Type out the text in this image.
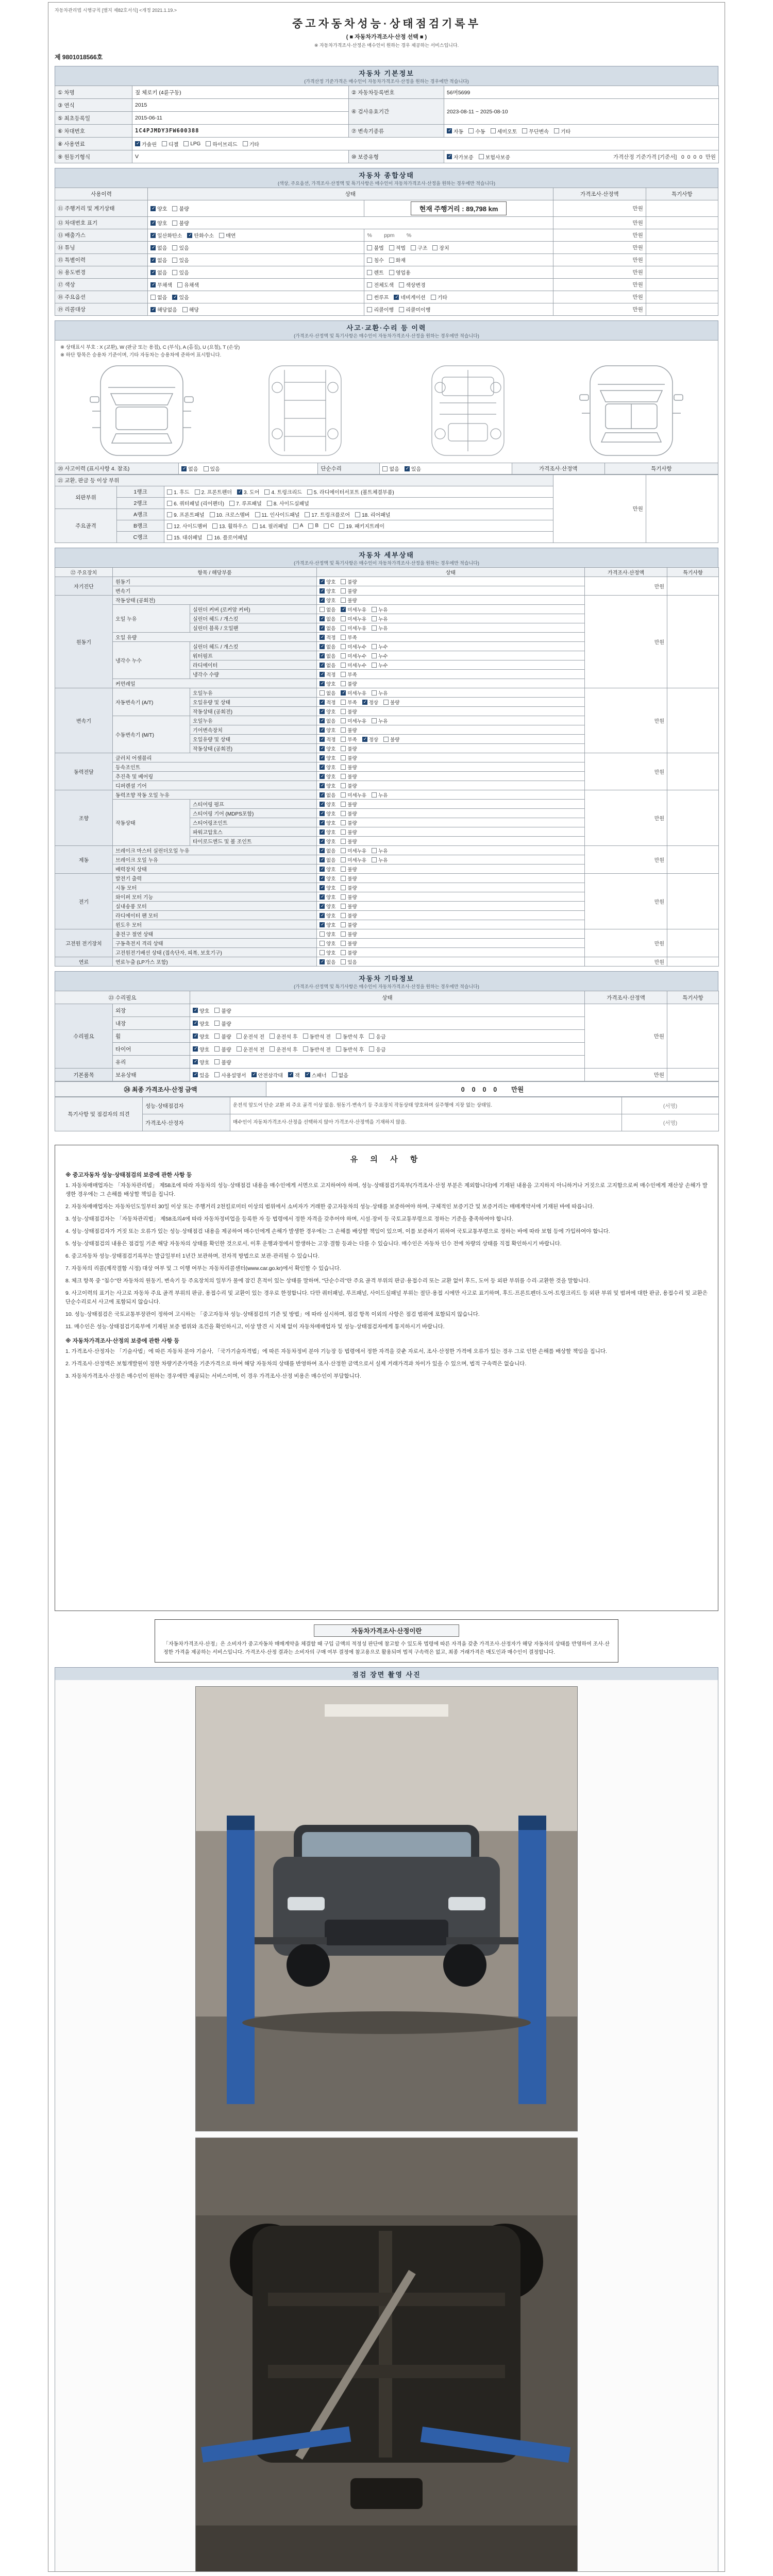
자동차관리법 시행규칙 [별지 제82호서식] <개정 2021.1.19.>
중고자동차성능·상태점검기록부
( ■ 자동차가격조사·산정 선택 ■ )
※ 자동차가격조사·산정은 매수인이 원하는 경우 제공하는 서비스입니다.
제 9801018566호
자동차 기본정보
(가격산정 기준가격은 매수인이 자동차가격조사·산정을 원하는 경우에만 적습니다)
① 차명	짚 체로키 (4륜구동)	② 자동차등록번호	56머5699
③ 연식	2015	④ 검사유효기간	2023-08-11 ~ 2025-08-10
⑤ 최초등록일	2015-06-11		
⑥ 차대번호	1C4PJMDY3FW600388	⑦ 변속기종류	
✓자동 수동 세미오토 무단변속 기타

⑧ 사용연료	
✓가솔린 디젤 LPG 하이브리드 기타

⑨ 원동기형식	V	⑩ 보증유형	
✓자가보증 보험사보증 가격산정 기준가격 [기준서]   0  0  0  0  만원
자동차 종합상태
(색상, 주요옵션, 가격조사·산정액 및 특기사항은 매수인이 자동차가격조사·산정을 원하는 경우에만 적습니다)
사용이력	상태		가격조사·산정액	특기사항
⑪ 주행거리 및 계기상태	
✓양호 불량	현재 주행거리 : 89,798 km	만원	
⑫ 차대번호 표기	
✓양호 불량		만원	
⑬ 배출가스	
✓일산화탄소 ✓ 탄화수소 매연	%        ppm        %	만원	
⑭ 튜닝	
✓없음 있음	불법 적법 구조 장치	만원	
⑮ 특별이력	
✓없음 있음	침수 화재	만원	
⑯ 용도변경	
✓없음 있음	렌트 영업용	만원	
⑰ 색상	
✓무채색 유채색	전체도색 색상변경	만원	
⑱ 주요옵션	없음 ✓ 있음	썬루프 ✓ 네비게이션 기타	만원	
⑲ 리콜대상	
✓해당없음 해당	리콜이행 리콜미이행	만원	
사고·교환·수리 등 이력
(가격조사·산정액 및 특기사항은 매수인이 자동차가격조사·산정을 원하는 경우에만 적습니다)
※ 상태표시 부호 : X (교환), W (판금 또는 용접), C (부식), A (흠집), U (요철), T (손상)
※ 하단 항목은 승용차 기준이며, 기타 자동차는 승용차에 준하여 표시합니다.
⑳ 사고이력 (표시사항 4. 참조)	
✓없음 있음	단순수리	없음 ✓ 있음	가격조사·산정액	특기사항
㉑ 교환, 판금 등 이상 부위			만원	
외판부위	1랭크	1. 후드 2. 프론트펜더 ✓ 3. 도어 4. 트렁크리드 5. 라디에이터서포트 (볼트체결부품)

	2랭크	6. 쿼터패널 (리어펜더) 7. 루프패널 8. 사이드실패널		

주요골격	A랭크	9. 프론트패널 10. 크로스멤버 11. 인사이드패널 17. 트렁크플로어 18. 리어패널		

B랭크	12. 사이드멤버 13. 휠하우스 14. 필러패널 A B C 19. 패키지트레이

	C랭크	15. 대쉬패널 16. 플로어패널		
자동차 세부상태
(가격조사·산정액 및 특기사항은 매수인이 자동차가격조사·산정을 원하는 경우에만 적습니다)
㉒ 주요장치	항목 / 해당부품		상태	가격조사·산정액	특기사항
자기진단	원동기	
✓양호 불량	만원	
	변속기	
✓양호 불량

원동기	작동상태 (공회전)	
✓양호 불량	만원	
	오일 누유	실린더 커버 (로커암 커버)	없음 ✓ 미세누유 누유

		실린더 헤드 / 개스킷	
✓없음 미세누유 누유

		실린더 블록 / 오일팬	
✓없음 미세누유 누유

	오일 유량	
✓적정 부족

	냉각수 누수	실린더 헤드 / 개스킷	
✓없음 미세누수 누수

		워터펌프	
✓없음 미세누수 누수

		라디에이터	
✓없음 미세누수 누수

		냉각수 수량	
✓적정 부족

	커먼레일	
✓양호 불량

변속기	자동변속기 (A/T)	오일누유	없음 ✓ 미세누유 누유	만원	
		오일유량 및 상태	
✓적정 부족 ✓ 정상 불량

		작동상태 (공회전)	
✓양호 불량

	수동변속기 (M/T)	오일누유	
✓없음 미세누유 누유

		기어변속장치	
✓양호 불량

		오일유량 및 상태	
✓적정 부족 ✓ 정상 불량

		작동상태 (공회전)	
✓양호 불량

동력전달	클러치 어셈블리	
✓양호 불량	만원	
	등속조인트	
✓양호 불량

	추진축 및 베어링	
✓양호 불량

	디퍼렌셜 기어	
✓양호 불량

조향	동력조향 작동 오일 누유	
✓없음 미세누유 누유	만원	
	작동상태	스티어링 펌프	
✓양호 불량

		스티어링 기어 (MDPS포함)	
✓양호 불량

		스티어링조인트	
✓양호 불량

		파워고압호스	
✓양호 불량

		타이로드엔드 및 볼 조인트	
✓양호 불량

제동	브레이크 마스터 실린더오일 누유	
✓없음 미세누유 누유	만원	
	브레이크 오일 누유	
✓없음 미세누유 누유

	배력장치 상태	
✓양호 불량

전기	발전기 출력	
✓양호 불량	만원	
	시동 모터	
✓양호 불량

	와이퍼 모터 기능	
✓양호 불량

	실내송풍 모터	
✓양호 불량

	라디에이터 팬 모터	
✓양호 불량

	윈도우 모터	
✓양호 불량

고전원 전기장치	충전구 절연 상태		양호 불량	만원	
	구동축전지 격리 상태		양호 불량		

	고전원전기배선 상태 (접속단자, 피복, 보호기구)		양호 불량		

연료	연료누출 (LP가스 포함)	
✓없음 있음	만원	
자동차 기타정보
(가격조사·산정액 및 특기사항은 매수인이 자동차가격조사·산정을 원하는 경우에만 적습니다)
㉓ 수리필요		상태	가격조사·산정액	특기사항
수리필요	외장	
✓양호 불량	만원	
	내장	
✓양호 불량

휠	
✓양호 불량 운전석 전 운전석 후 동반석 전 동반석 후 응급

타이어	
✓양호 불량 운전석 전 운전석 후 동반석 전 동반석 후 응급

	유리	
✓양호 불량

기본품목	보유상태	
✓있음 사용설명서 ✓ 안전삼각대 ✓ 잭 ✓ 스패너 없음	만원	
㉔ 최종 가격조사·산정 금액	0    0    0    0        만원
특기사항 및 점검자의 의견	성능·상태점검자	운전석 앞도어 단순 교환 외 주요 골격 이상 없음. 원동기·변속기 등 주요장치 작동상태 양호하며 실주행에 지장 없는 상태임.	(서명)
	가격조사·산정자	매수인이 자동차가격조사·산정을 선택하지 않아 가격조사·산정액을 기재하지 않음.	(서명)
유 의 사 항
※ 중고자동차 성능·상태점검의 보증에 관한 사항 등

1. 자동차매매업자는 「자동차관리법」 제58조에 따라 자동차의 성능·상태점검 내용을 매수인에게 서면으로 고지하여야 하며, 성능·상태점검기록부(가격조사·산정 부분은 제외합니다)에 기재된 내용을 고지하지 아니하거나 거짓으로 고지함으로써 매수인에게 재산상 손해가 발생한 경우에는 그 손해를 배상할 책임을 집니다.

2. 자동차매매업자는 자동차인도일부터 30일 이상 또는 주행거리 2천킬로미터 이상의 범위에서 소비자가 거래한 중고자동차의 성능·상태를 보증하여야 하며, 구체적인 보증기간 및 보증거리는 매매계약서에 기재된 바에 따릅니다.

3. 성능·상태점검자는 「자동차관리법」 제58조의4에 따라 자동차정비업을 등록한 자 등 법령에서 정한 자격을 갖추어야 하며, 시설·장비 등 국토교통부령으로 정하는 기준을 충족하여야 합니다.

4. 성능·상태점검자가 거짓 또는 오류가 있는 성능·상태점검 내용을 제공하여 매수인에게 손해가 발생한 경우에는 그 손해를 배상할 책임이 있으며, 이를 보증하기 위하여 국토교통부령으로 정하는 바에 따라 보험 등에 가입하여야 합니다.

5. 성능·상태점검의 내용은 점검일 기준 해당 자동차의 상태를 확인한 것으로서, 이후 운행과정에서 발생하는 고장·결함 등과는 다를 수 있습니다. 매수인은 자동차 인수 전에 차량의 상태를 직접 확인하시기 바랍니다.

6. 중고자동차 성능·상태점검기록부는 발급일부터 1년간 보관하며, 전자적 방법으로 보관·관리될 수 있습니다.

7. 자동차의 리콜(제작결함 시정) 대상 여부 및 그 이행 여부는 자동차리콜센터(www.car.go.kr)에서 확인할 수 있습니다.

8. 체크 항목 중 "침수"란 자동차의 원동기, 변속기 등 주요장치의 일부가 물에 잠긴 흔적이 있는 상태를 말하며, "단순수리"란 주요 골격 부위의 판금·용접수리 또는 교환 없이 후드, 도어 등 외판 부위를 수리·교환한 것을 말합니다.

9. 사고이력의 표기는 사고로 자동차 주요 골격 부위의 판금, 용접수리 및 교환이 있는 경우로 한정합니다. 다만 쿼터패널, 루프패널, 사이드실패널 부위는 절단·용접 시에만 사고로 표기하며, 후드·프론트펜더·도어·트렁크리드 등 외판 부위 및 범퍼에 대한 판금, 용접수리 및 교환은 단순수리로서 사고에 포함되지 않습니다.

10. 성능·상태점검은 국토교통부장관이 정하여 고시하는 「중고자동차 성능·상태점검의 기준 및 방법」에 따라 실시하며, 점검 항목 이외의 사항은 점검 범위에 포함되지 않습니다.

11. 매수인은 성능·상태점검기록부에 기재된 보증 범위와 조건을 확인하시고, 이상 발견 시 지체 없이 자동차매매업자 및 성능·상태점검자에게 통지하시기 바랍니다.

※ 자동차가격조사·산정의 보증에 관한 사항 등

1. 가격조사·산정자는 「기술사법」에 따른 자동차 분야 기술사, 「국가기술자격법」에 따른 자동차정비 분야 기능장 등 법령에서 정한 자격을 갖춘 자로서, 조사·산정한 가격에 오류가 있는 경우 그로 인한 손해를 배상할 책임을 집니다.

2. 가격조사·산정액은 보험개발원이 정한 차량기준가액을 기준가격으로 하여 해당 자동차의 상태를 반영하여 조사·산정한 금액으로서 실제 거래가격과 차이가 있을 수 있으며, 법적 구속력은 없습니다.

3. 자동차가격조사·산정은 매수인이 원하는 경우에만 제공되는 서비스이며, 이 경우 가격조사·산정 비용은 매수인이 부담합니다.

자동차가격조사·산정이란
「자동차가격조사·산정」은 소비자가 중고자동차 매매계약을 체결할 때 구입 금액의 적정성 판단에 참고할 수 있도록 법령에 따른 자격을 갖춘 가격조사·산정자가 해당 자동차의 상태를 반영하여 조사·산정한 가격을 제공하는 서비스입니다. 가격조사·산정 결과는 소비자의 구매 여부 결정에 참고용으로 활용되며 법적 구속력은 없고, 최종 거래가격은 매도인과 매수인이 결정합니다.
점검 장면 촬영 사진
